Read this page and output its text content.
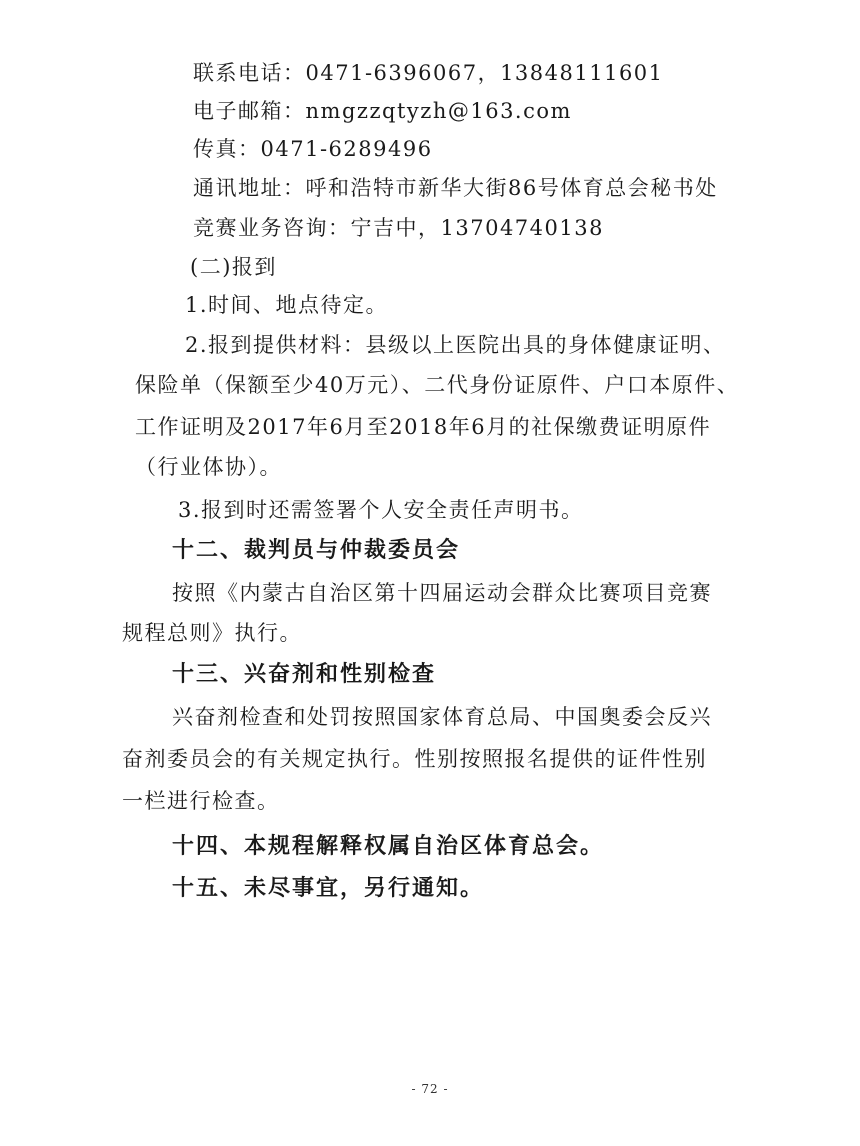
联系电话：0471-6396067，13848111601
电子邮箱：nmgzzqtyzh@163.com
传真：0471-6289496
通讯地址：呼和浩特市新华大街86号体育总会秘书处
竞赛业务咨询：宁吉中，13704740138
(二)报到
1.时间、地点待定。
2.报到提供材料：县级以上医院出具的身体健康证明、
保险单（保额至少40万元）、二代身份证原件、户口本原件、
工作证明及2017年6月至2018年6月的社保缴费证明原件
（行业体协）。
3.报到时还需签署个人安全责任声明书。
十二、裁判员与仲裁委员会
按照《内蒙古自治区第十四届运动会群众比赛项目竞赛
规程总则》执行。
十三、兴奋剂和性别检查
兴奋剂检查和处罚按照国家体育总局、中国奥委会反兴
奋剂委员会的有关规定执行。性别按照报名提供的证件性别
一栏进行检查。
十四、本规程解释权属自治区体育总会。
十五、未尽事宜，另行通知。
- 72 -
